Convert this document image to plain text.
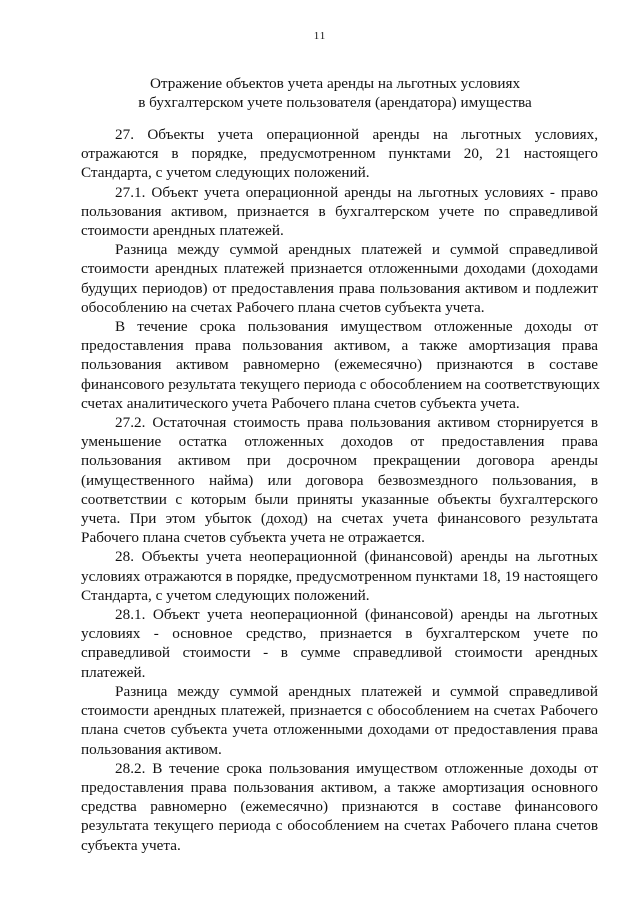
11
Отражение объектов учета аренды на льготных условиях
в бухгалтерском учете пользователя (арендатора) имущества

27. Объекты учета операционной аренды на льготных условиях,
отражаются в порядке, предусмотренном пунктами 20, 21 настоящего
Стандарта, с учетом следующих положений.

27.1. Объект учета операционной аренды на льготных условиях - право
пользования активом, признается в бухгалтерском учете по справедливой
стоимости арендных платежей.

Разница между суммой арендных платежей и суммой справедливой
стоимости арендных платежей признается отложенными доходами (доходами
будущих периодов) от предоставления права пользования активом и подлежит
обособлению на счетах Рабочего плана счетов субъекта учета.

В течение срока пользования имуществом отложенные доходы от
предоставления права пользования активом, а также амортизация права
пользования активом равномерно (ежемесячно) признаются в составе
финансового результата текущего периода с обособлением на соответствующих
счетах аналитического учета Рабочего плана счетов субъекта учета.

27.2. Остаточная стоимость права пользования активом сторнируется в
уменьшение остатка отложенных доходов от предоставления права
пользования активом при досрочном прекращении договора аренды
(имущественного найма) или договора безвозмездного пользования, в
соответствии с которым были приняты указанные объекты бухгалтерского
учета. При этом убыток (доход) на счетах учета финансового результата
Рабочего плана счетов субъекта учета не отражается.

28. Объекты учета неоперационной (финансовой) аренды на льготных
условиях отражаются в порядке, предусмотренном пунктами 18, 19 настоящего
Стандарта, с учетом следующих положений.

28.1. Объект учета неоперационной (финансовой) аренды на льготных
условиях - основное средство, признается в бухгалтерском учете по
справедливой стоимости - в сумме справедливой стоимости арендных
платежей.

Разница между суммой арендных платежей и суммой справедливой
стоимости арендных платежей, признается с обособлением на счетах Рабочего
плана счетов субъекта учета отложенными доходами от предоставления права
пользования активом.

28.2. В течение срока пользования имуществом отложенные доходы от
предоставления права пользования активом, а также амортизация основного
средства равномерно (ежемесячно) признаются в составе финансового
результата текущего периода с обособлением на счетах Рабочего плана счетов
субъекта учета.
